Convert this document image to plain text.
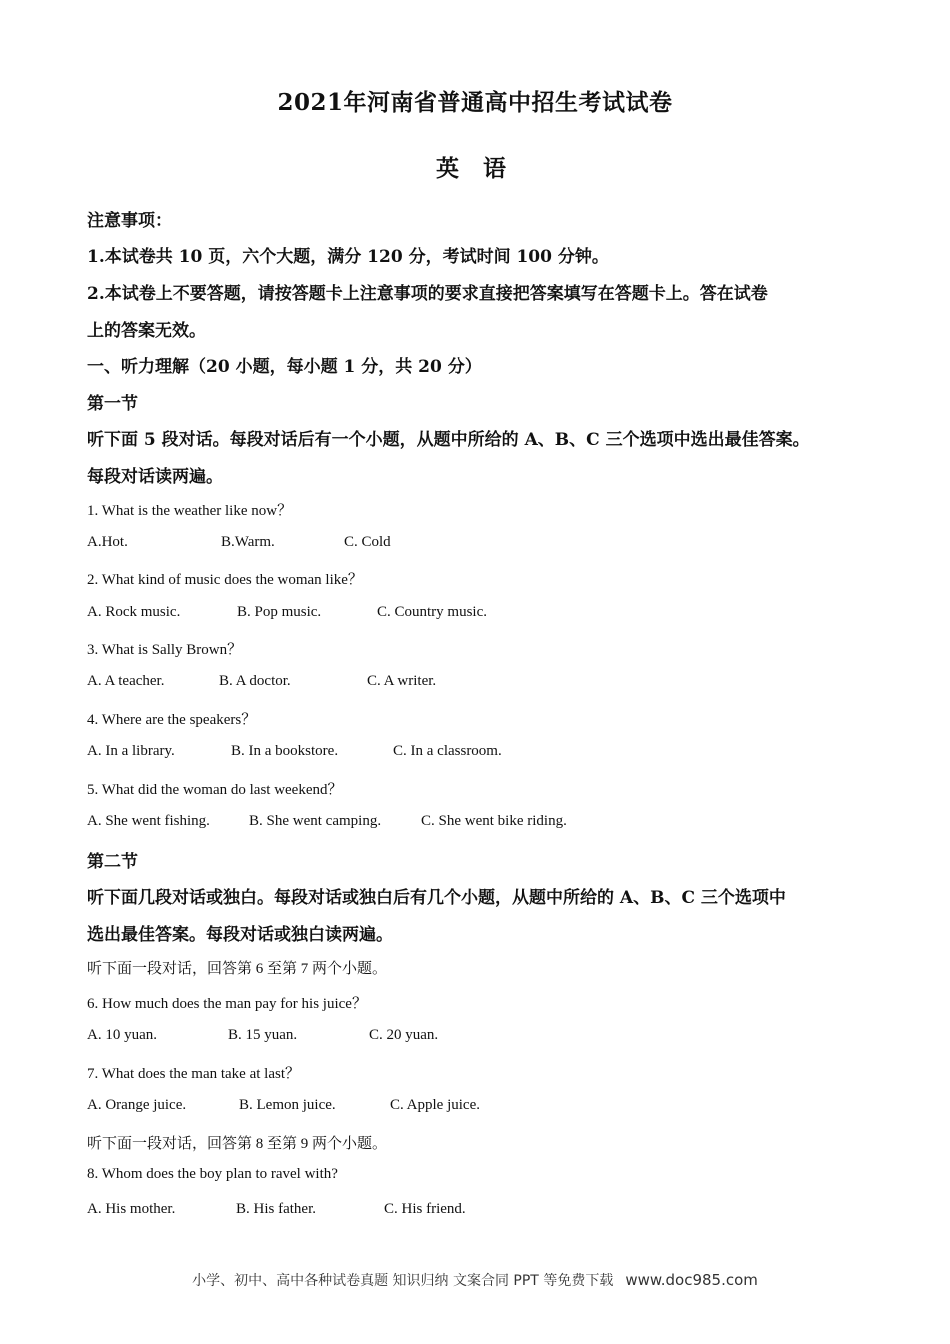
2021年河南省普通高中招生考试试卷
英 语
注意事项：
1.本试卷共 10 页，六个大题，满分 120 分，考试时间 100 分钟。
2.本试卷上不要答题，请按答题卡上注意事项的要求直接把答案填写在答题卡上。答在试卷
上的答案无效。
一、听力理解（20 小题，每小题 1 分，共 20 分）
第一节
听下面 5 段对话。每段对话后有一个小题，从题中所给的 A、B、C 三个选项中选出最佳答案。
每段对话读两遍。
1. What is the weather like now？
A.Hot.	B.Warm.	C. Cold
2. What kind of music does the woman like？
A. Rock music.	B. Pop music.	C. Country music.
3. What is Sally Brown？
A. A teacher.	B. A doctor.	C. A writer.
4. Where are the speakers？
A. In a library.	B. In a bookstore.	C. In a classroom.
5. What did the woman do last weekend？
A. She went fishing.	B. She went camping.	C. She went bike riding.
第二节
听下面几段对话或独白。每段对话或独白后有几个小题，从题中所给的 A、B、C 三个选项中
选出最佳答案。每段对话或独白读两遍。
听下面一段对话，回答第 6 至第 7 两个小题。
6. How much does the man pay for his juice？
A. 10 yuan.	B. 15 yuan.	C. 20 yuan.
7. What does the man take at last？
A. Orange juice.	B. Lemon juice.	C. Apple juice.
听下面一段对话，回答第 8 至第 9 两个小题。
8. Whom does the boy plan to ravel with?
A. His mother.	B. His father.	C. His friend.
小学、初中、高中各种试卷真题 知识归纳 文案合同 PPT 等免费下载 www.doc985.com
